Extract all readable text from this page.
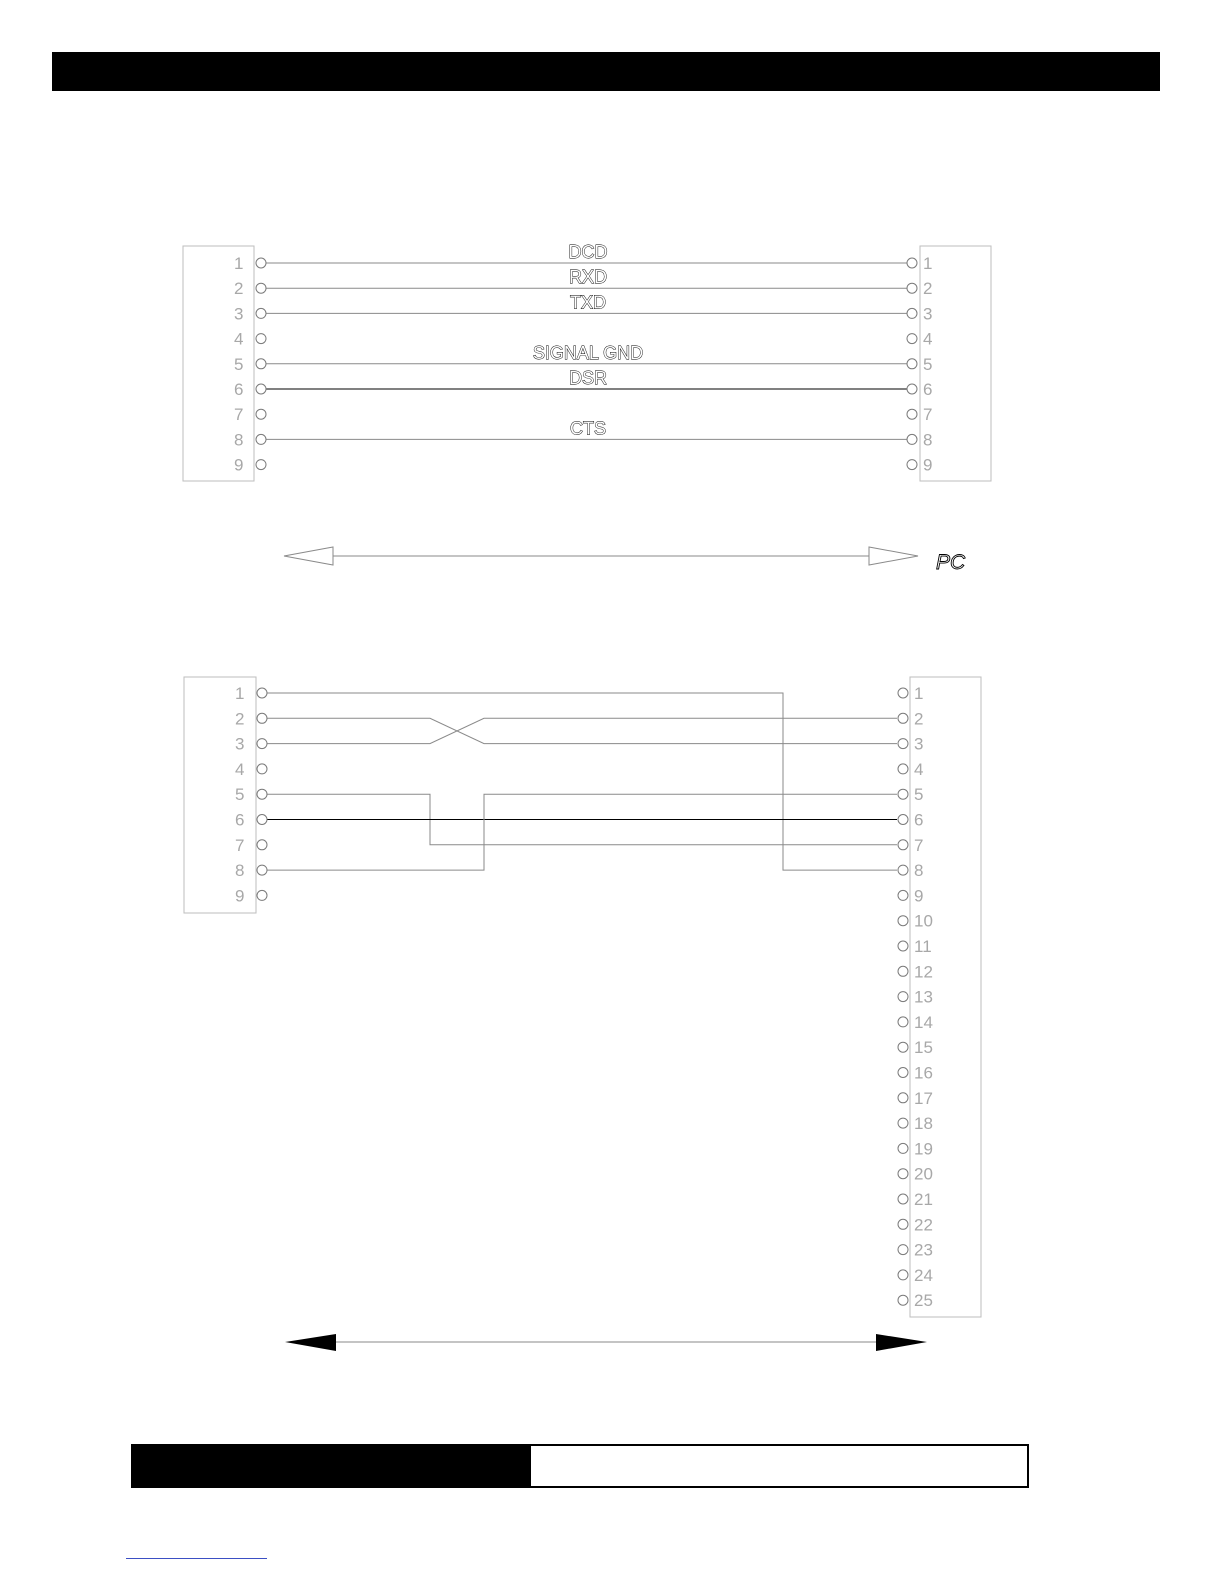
1
2
3
4
5
6
7
8
9
1
2
3
4
5
6
7
8
9
DCD
RXD
TXD
SIGNAL GND
DSR
CTS
PC
1
2
3
4
5
6
7
8
9
1
2
3
4
5
6
7
8
9
10
11
12
13
14
15
16
17
18
19
20
21
22
23
24
25
